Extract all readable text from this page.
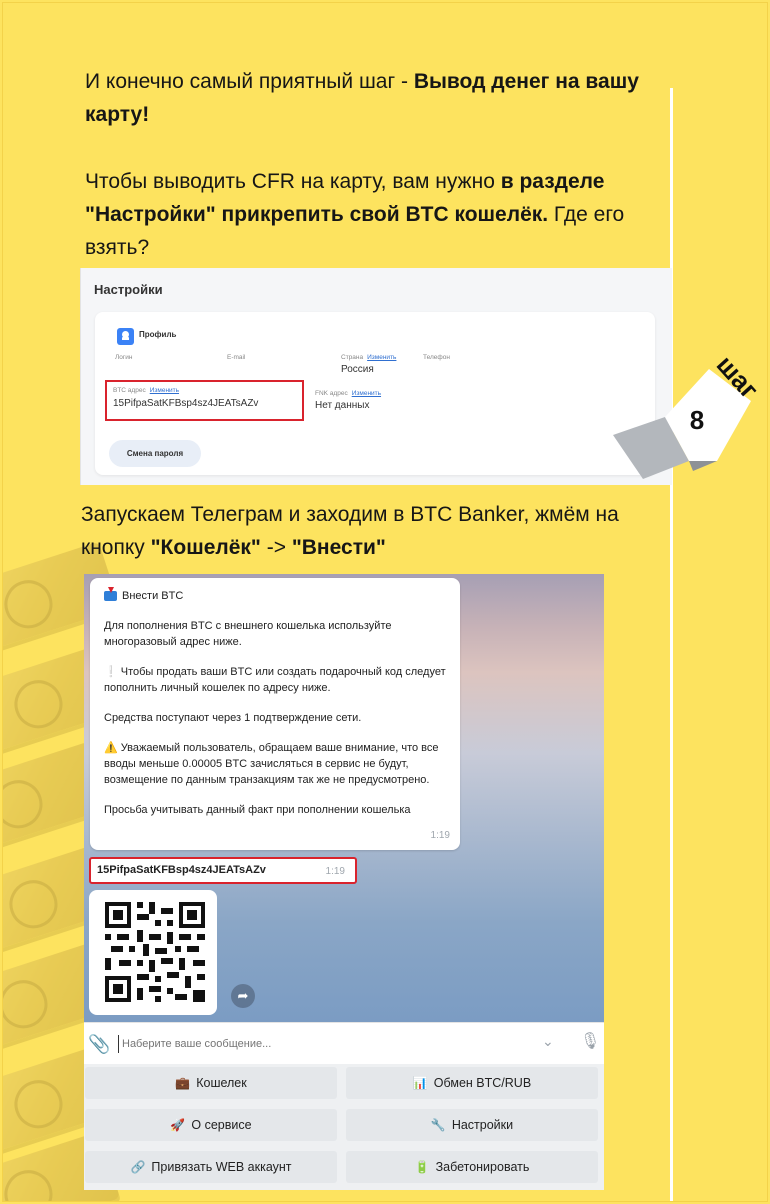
И конечно самый приятный шаг - Вывод денег на вашу карту!
Чтобы выводить CFR на карту, вам нужно в разделе "Настройки" прикрепить свой BTC кошелёк. Где его взять?
Настройки
Профиль
Логин	E-mail	Страна Изменить
Россия
Телефон
BTC адрес Изменить
15PifpaSatKFBsp4sz4JEATsAZv
FNK адрес Изменить
Нет данных
Смена пароля
8
шаг
Запускаем Телеграм и заходим в BTC Banker, жмём на кнопку "Кошелёк" -> "Внести"
Внести BTC

Для пополнения BTC с внешнего кошелька используйте многоразовый адрес ниже.

❕ Чтобы продать ваши BTC или создать подарочный код следует пополнить личный кошелек по адресу ниже.

Средства поступают через 1 подтверждение сети.

⚠️ Уважаемый пользователь, обращаем ваше внимание, что все вводы меньше 0.00005 BTC зачисляться в сервис не будут, возмещение по данным транзакциям так же не предусмотрено.

Просьба учитывать данный факт при пополнении кошелька

1:19
15PifpaSatKFBsp4sz4JEATsAZv	1:19
➦
📎
Наберите ваше сообщение...	⌄ 🎙
💼 Кошелек	📊 Обмен BTC/RUB
🚀 О сервисе	🔧 Настройки
🔗 Привязать WEB аккаунт	🔋 Забетонировать
